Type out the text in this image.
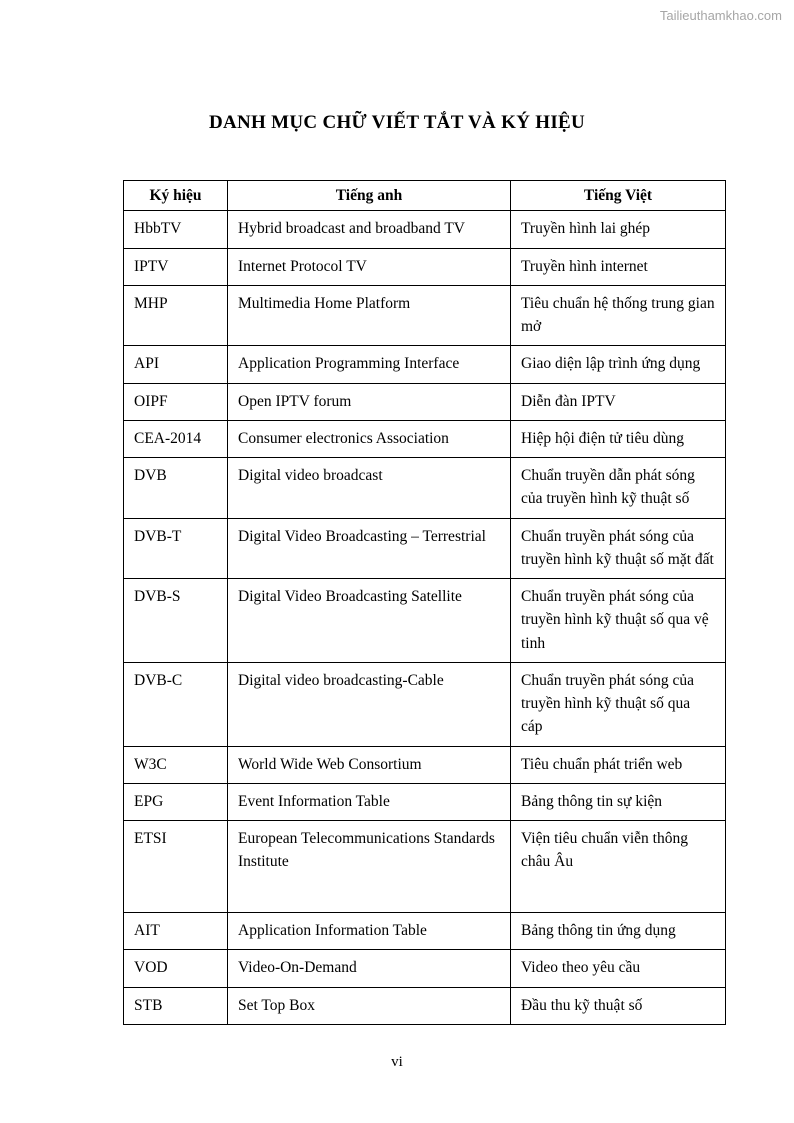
Tailieuthamkhao.com
DANH MỤC CHỮ VIẾT TẮT VÀ KÝ HIỆU
Ký hiệu	Tiếng anh	Tiếng Việt
HbbTV	Hybrid broadcast and broadband TV	Truyền hình lai ghép
IPTV	Internet Protocol TV	Truyền hình internet
MHP	Multimedia Home Platform	Tiêu chuẩn hệ thống trung gian mở
API	Application Programming Interface	Giao diện lập trình ứng dụng
OIPF	Open IPTV forum	Diễn đàn IPTV
CEA-2014	Consumer electronics Association	Hiệp hội điện tử tiêu dùng
DVB	Digital video broadcast	Chuẩn truyền dẫn phát sóng của truyền hình kỹ thuật số
DVB-T	Digital Video Broadcasting – Terrestrial	Chuẩn truyền phát sóng của truyền hình kỹ thuật số mặt đất
DVB-S	Digital Video Broadcasting Satellite	Chuẩn truyền phát sóng của truyền hình kỹ thuật số qua vệ tinh
DVB-C	Digital video broadcasting-Cable	Chuẩn truyền phát sóng của truyền hình kỹ thuật số qua cáp
W3C	World Wide Web Consortium	Tiêu chuẩn phát triển web
EPG	Event Information Table	Bảng thông tin sự kiện
ETSI	European Telecommunications Standards Institute	Viện tiêu chuẩn viễn thông châu Âu
AIT	Application Information Table	Bảng thông tin ứng dụng
VOD	Video-On-Demand	Video theo yêu cầu
STB	Set Top Box	Đầu thu kỹ thuật số
vi
